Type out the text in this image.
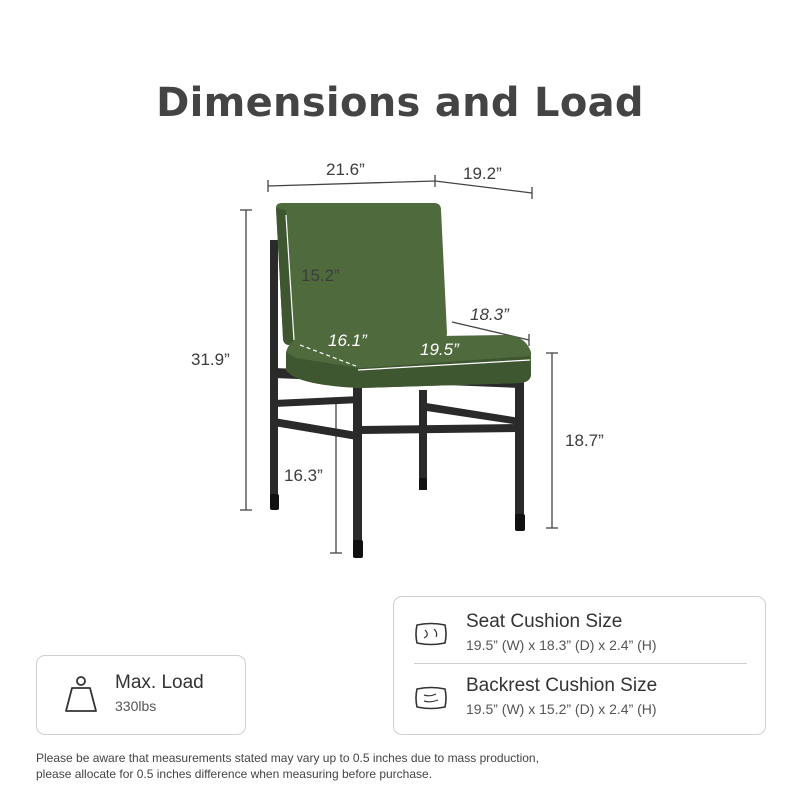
Dimensions and Load
21.6”	19.2”
15.2”
18.3”
16.1”	19.5”
31.9”
18.7”
16.3”
Max. Load
330lbs
Seat Cushion Size
19.5” (W) x 18.3” (D) x 2.4” (H)
Backrest Cushion Size
19.5” (W) x 15.2” (D) x 2.4” (H)
Please be aware that measurements stated may vary up to 0.5 inches due to mass production,
please allocate for 0.5 inches difference when measuring before purchase.
